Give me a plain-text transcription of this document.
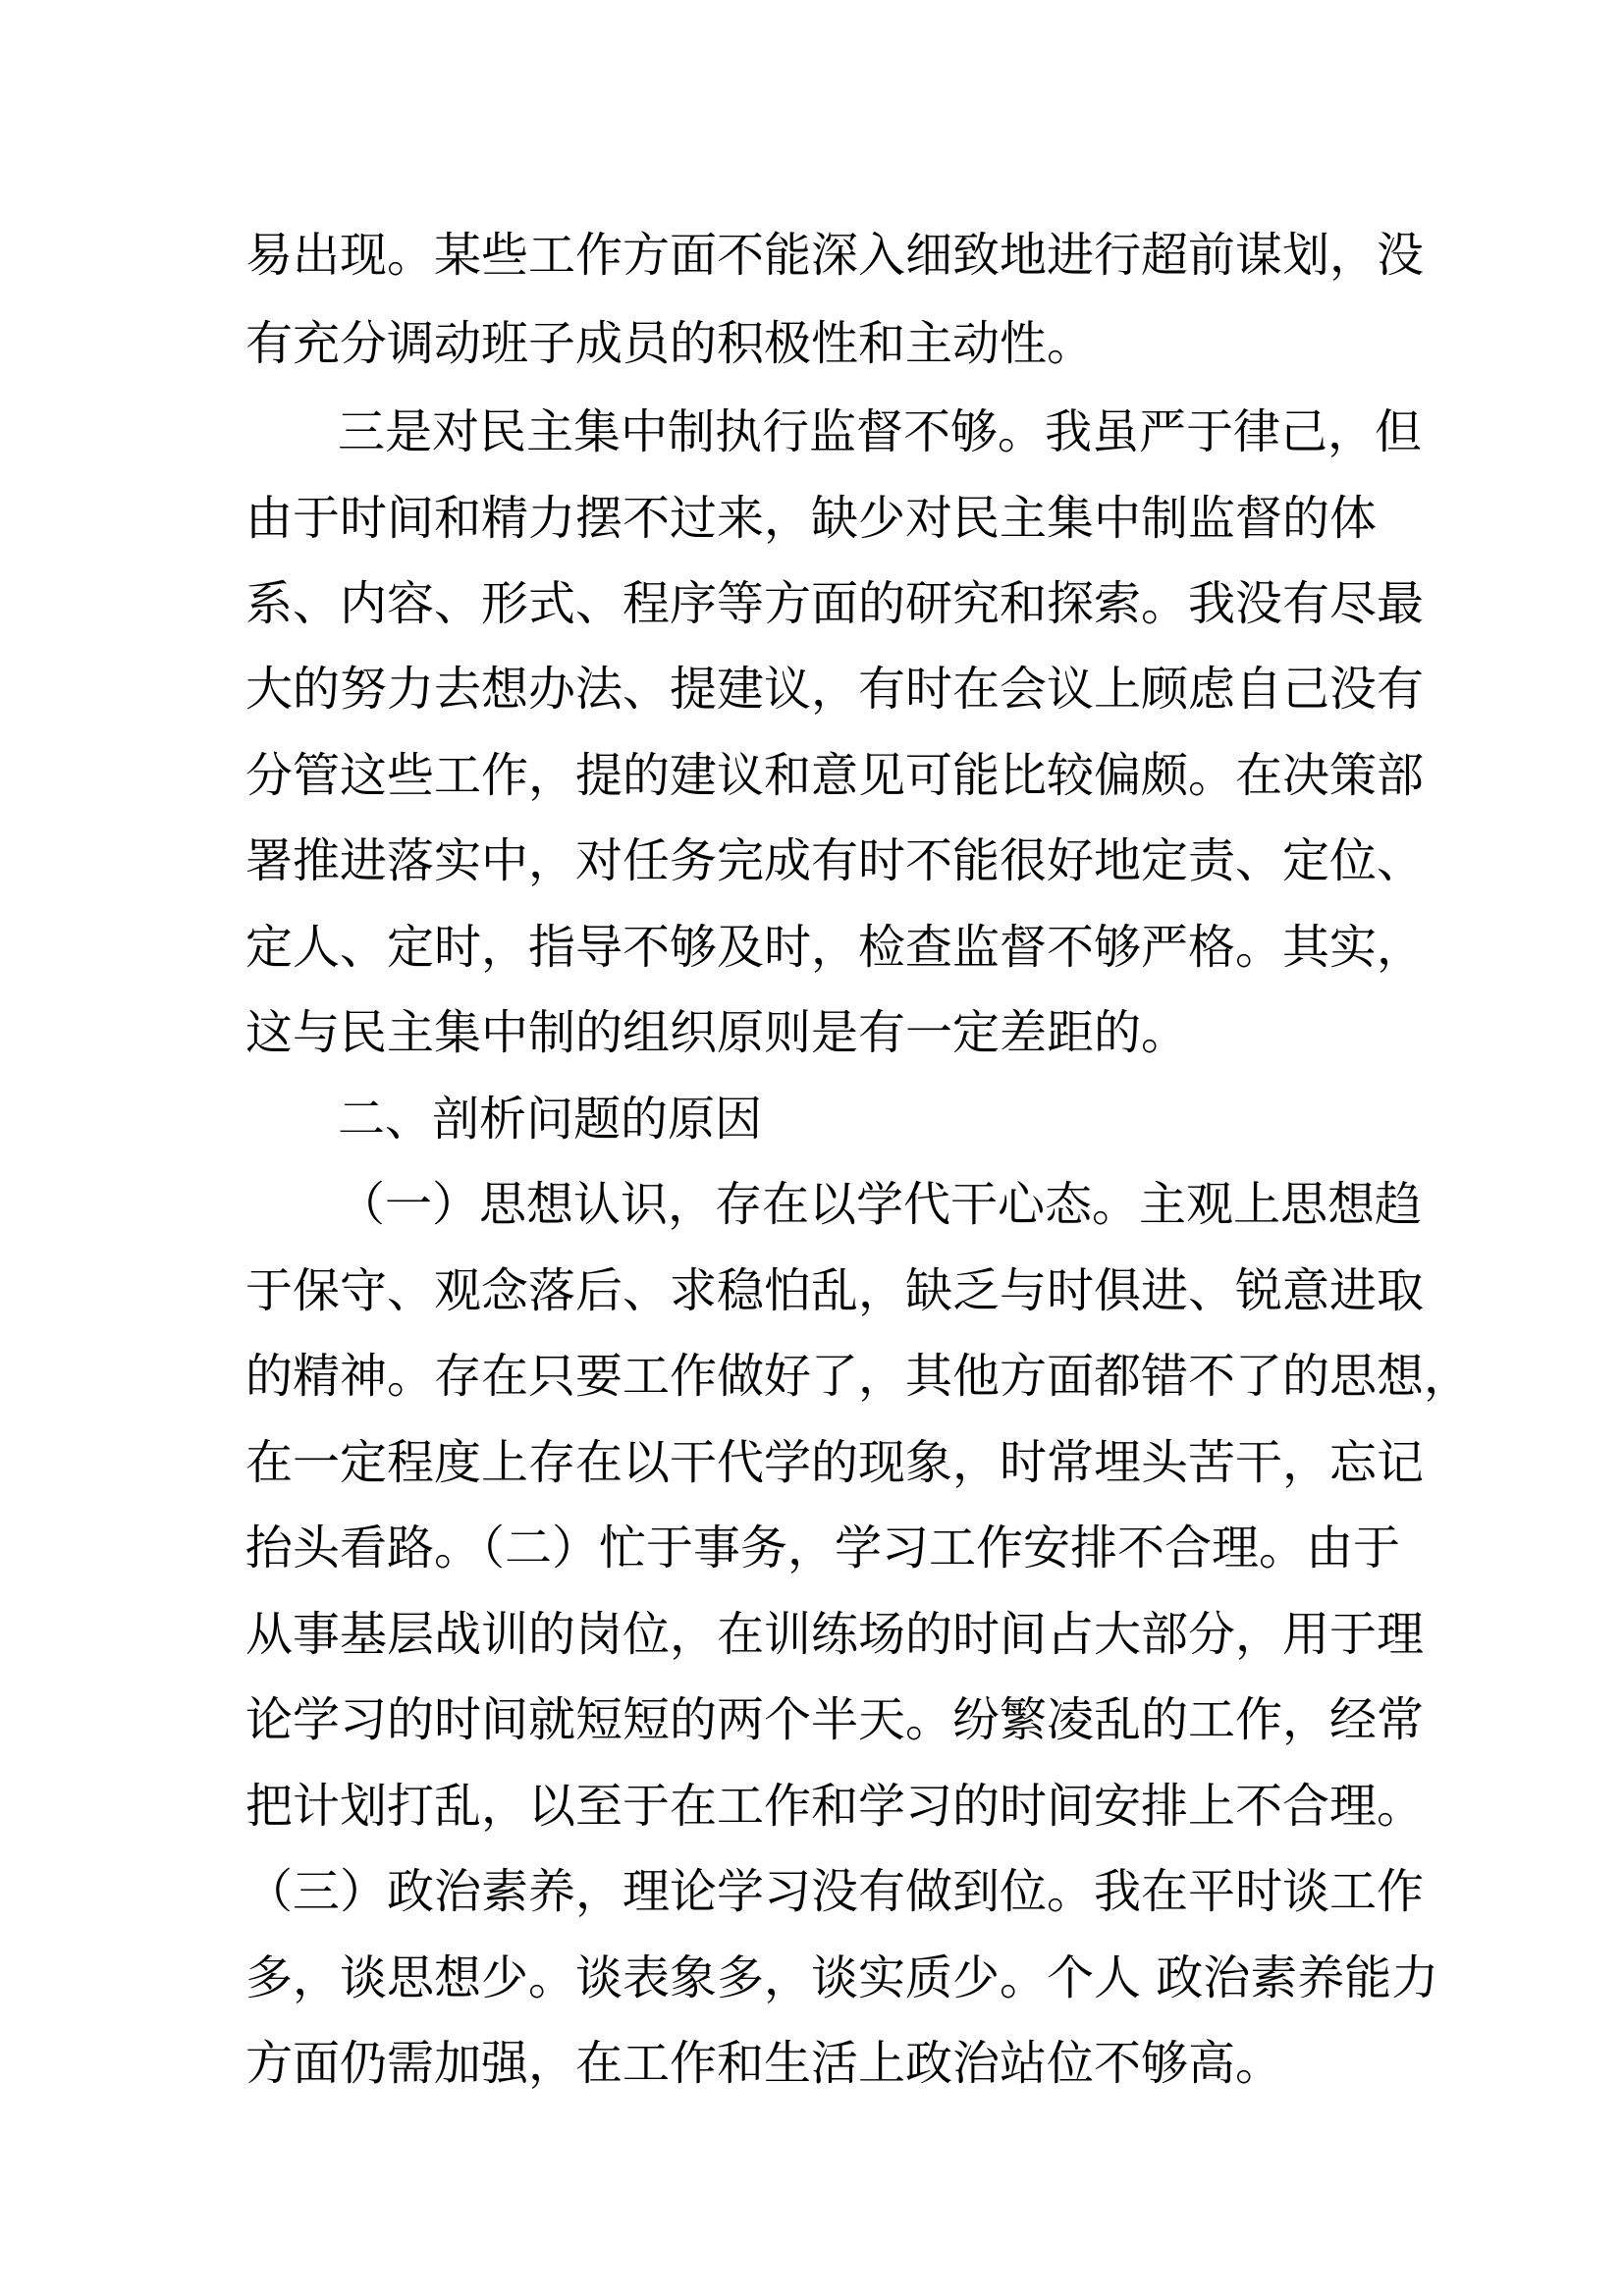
易出现。某些工作方面不能深入细致地进行超前谋划，没
有充分调动班子成员的积极性和主动性。
三是对民主集中制执行监督不够。我虽严于律己，但
由于时间和精力摆不过来，缺少对民主集中制监督的体
系、内容、形式、程序等方面的研究和探索。我没有尽最
大的努力去想办法、提建议，有时在会议上顾虑自己没有
分管这些工作，提的建议和意见可能比较偏颇。在决策部
署推进落实中，对任务完成有时不能很好地定责、定位、
定人、定时，指导不够及时，检查监督不够严格。其实，
这与民主集中制的组织原则是有一定差距的。
二、剖析问题的原因
（一）思想认识，存在以学代干心态。主观上思想趋
于保守、观念落后、求稳怕乱，缺乏与时俱进、锐意进取
的精神。存在只要工作做好了，其他方面都错不了的思想，
在一定程度上存在以干代学的现象，时常埋头苦干，忘记
抬头看路。（二）忙于事务，学习工作安排不合理。由于
从事基层战训的岗位，在训练场的时间占大部分，用于理
论学习的时间就短短的两个半天。纷繁凌乱的工作，经常
把计划打乱，以至于在工作和学习的时间安排上不合理。
（三）政治素养，理论学习没有做到位。我在平时谈工作
多，谈思想少。谈表象多，谈实质少。个人 政治素养能力
方面仍需加强，在工作和生活上政治站位不够高。
